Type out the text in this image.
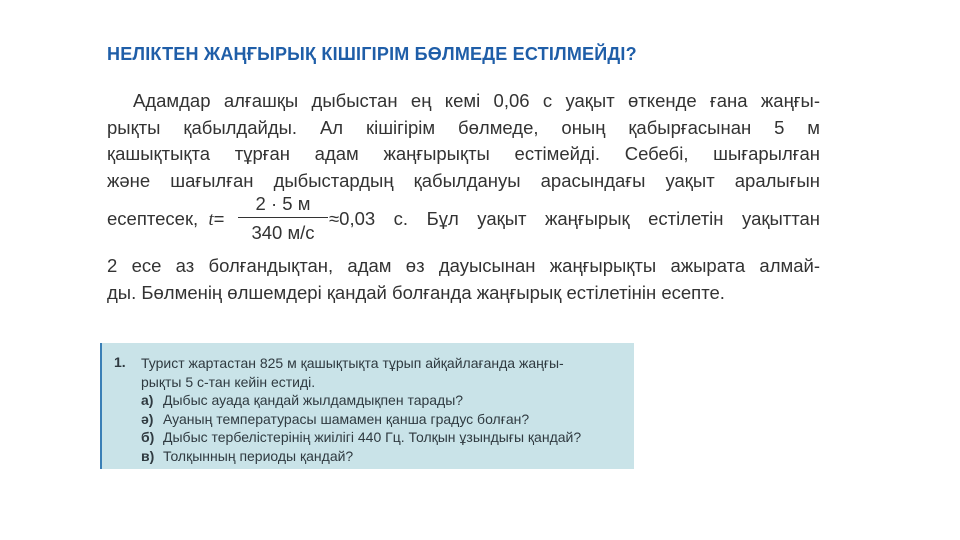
НЕЛІКТЕН ЖАҢҒЫРЫҚ КІШІГІРІМ БӨЛМЕДЕ ЕСТІЛМЕЙДІ?
Адамдар алғашқы дыбыстан ең кемі 0,06 с уақыт өткенде ғана жаңғы-
рықты қабылдайды. Ал кішігірім бөлмеде, оның қабырғасынан 5 м
қашықтықта тұрған адам жаңғырықты естімейді. Себебі, шығарылған
және шағылған дыбыстардың қабылдануы арасындағы уақыт аралығын
есептесек, t=
2 · 5 м
340 м/с
≈0,03 с. Бұл уақыт жаңғырық естілетін уақыттан
2 есе аз болғандықтан, адам өз дауысынан жаңғырықты ажырата алмай-
ды. Бөлменің өлшемдері қандай болғанда жаңғырық естілетінін есепте.
1. Турист жартастан 825 м қашықтықта тұрып айқайлағанда жаңғы-
рықты 5 с-тан кейін естиді.
а) Дыбыс ауада қандай жылдамдықпен тарады?
ә) Ауаның температурасы шамамен қанша градус болған?
б) Дыбыс тербелістерінің жиілігі 440 Гц. Толқын ұзындығы қандай?
в) Толқынның периоды қандай?
